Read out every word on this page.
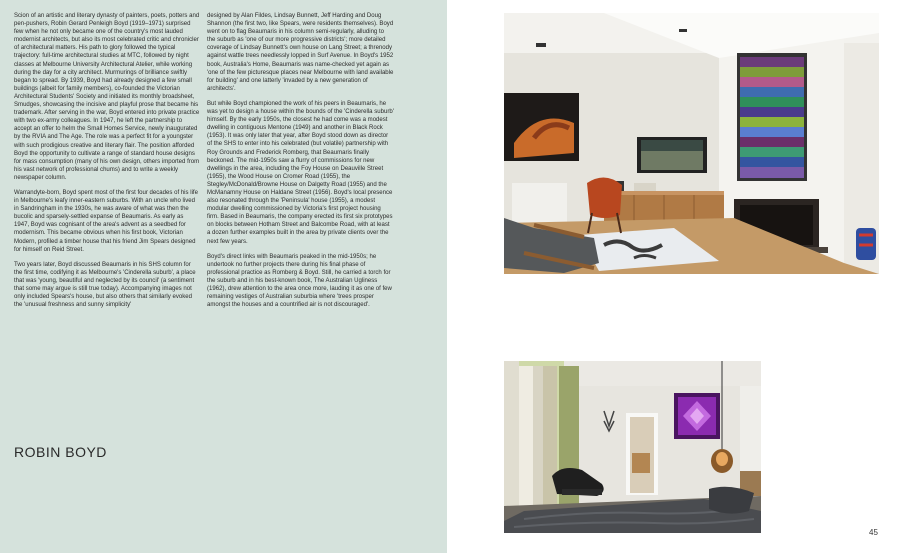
Scion of an artistic and literary dynasty of painters, poets, potters and pen-pushers, Robin Gerard Penleigh Boyd (1919–1971) surprised few when he not only became one of the country's most lauded modernist architects, but also its most celebrated critic and chronicler of architectural matters. His path to glory followed the typical trajectory: full-time architectural studies at MTC, followed by night classes at Melbourne University Architectural Atelier, while working during the day for a city architect. Murmurings of brilliance swiftly began to spread. By 1939, Boyd had already designed a few small buildings (albeit for family members), co-founded the Victorian Architectural Students' Society and initiated its monthly broadsheet, Smudges, showcasing the incisive and playful prose that became his trademark. After serving in the war, Boyd entered into private practice with two ex-army colleagues. In 1947, he left the partnership to accept an offer to helm the Small Homes Service, newly inaugurated by the RVIA and The Age. The role was a perfect fit for a youngster with such prodigious creative and literary flair. The position afforded Boyd the opportunity to cultivate a range of standard house designs for mass consumption (many of his own design, others imported from his vast network of professional chums) and to write a weekly newspaper column.

Warrandyte-born, Boyd spent most of the first four decades of his life in Melbourne's leafy inner-eastern suburbs. With an uncle who lived in Sandringham in the 1930s, he was aware of what was then the bucolic and sparsely-settled expanse of Beaumaris. As early as 1947, Boyd was cognisant of the area's advent as a seedbed for modernism. This became obvious when his first book, Victorian Modern, profiled a timber house that his friend Jim Spears designed for himself on Reid Street.

Two years later, Boyd discussed Beaumaris in his SHS column for the first time, codifying it as Melbourne's 'Cinderella suburb', a place that was 'young, beautiful and neglected by its council' (a sentiment that some may argue is still true today). Accompanying images not only included Spears's house, but also others that similarly evoked the 'unusual freshness and sunny simplicity'

designed by Alan Fildes, Lindsay Bunnett, Jeff Harding and Doug Shannon (the first two, like Spears, were residents themselves). Boyd went on to flag Beaumaris in his column semi-regularly, alluding to the suburb as 'one of our more progressive districts'; more detailed coverage of Lindsay Bunnett's own house on Lang Street; a threnody against wattle trees needlessly lopped in Surf Avenue. In Boyd's 1952 book, Australia's Home, Beaumaris was name-checked yet again as 'one of the few picturesque places near Melbourne with land available for building' and one latterly 'invaded by a new generation of architects'.

But while Boyd championed the work of his peers in Beaumaris, he was yet to design a house within the bounds of the 'Cinderella suburb' himself. By the early 1950s, the closest he had come was a modest dwelling in contiguous Mentone (1949) and another in Black Rock (1953). It was only later that year, after Boyd stood down as director of the SHS to enter into his celebrated (but volatile) partnership with Roy Grounds and Frederick Romberg, that Beaumaris finally beckoned. The mid-1950s saw a flurry of commissions for new dwellings in the area, including the Foy House on Deauville Street (1955), the Wood House on Cromer Road (1955), the Stegley/McDonald/Browne House on Dalgetty Road (1955) and the McManamny House on Haldane Street (1956). Boyd's local presence also resonated through the 'Peninsula' house (1955), a modest modular dwelling commissioned by Victoria's first project housing firm. Based in Beaumaris, the company erected its first six prototypes on blocks between Hotham Street and Balcombe Road, with at least a dozen further examples built in the area by private clients over the next few years.

Boyd's direct links with Beaumaris peaked in the mid-1950s; he undertook no further projects there during his final phase of professional practice as Romberg & Boyd. Still, he carried a torch for the suburb and in his best-known book, The Australian Ugliness (1962), drew attention to the area once more, lauding it as one of few remaining vestiges of Australian suburbia where 'trees prosper amongst the houses and a countrified air is not discouraged'.

ROBIN BOYD
45
